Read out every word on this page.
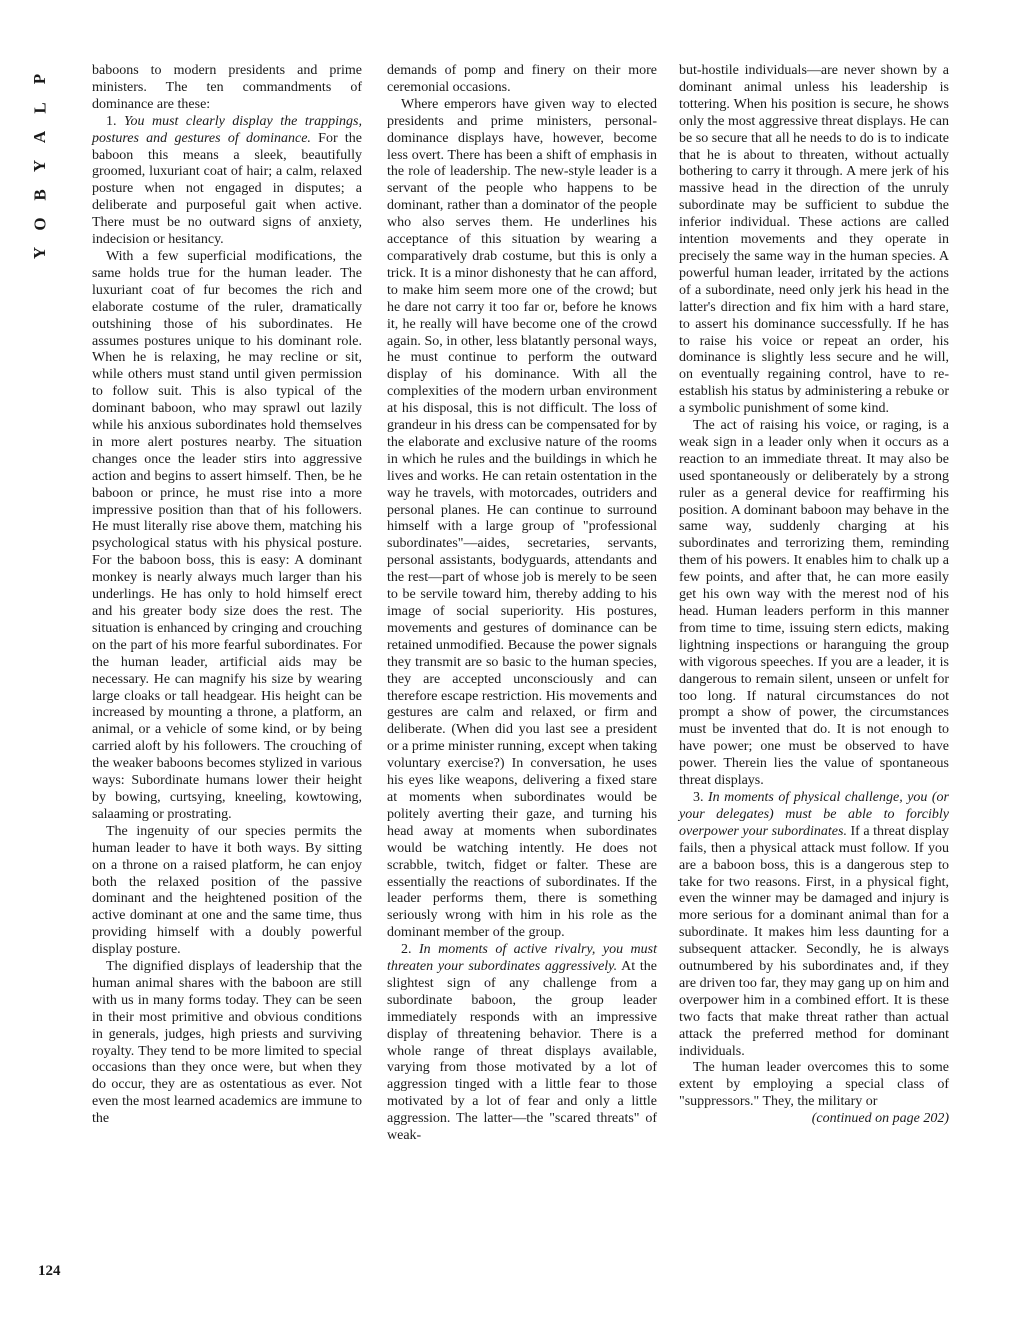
P
L
A
Y
B
O
Y
124

baboons to modern presidents and prime ministers. The ten commandments of dominance are these:

1. You must clearly display the trappings, postures and gestures of dominance. For the baboon this means a sleek, beautifully groomed, luxuriant coat of hair; a calm, relaxed posture when not engaged in disputes; a deliberate and purposeful gait when active. There must be no outward signs of anxiety, indecision or hesitancy.

With a few superficial modifications, the same holds true for the human leader. The luxuriant coat of fur becomes the rich and elaborate costume of the ruler, dramatically outshining those of his subordinates. He assumes postures unique to his dominant role. When he is relaxing, he may recline or sit, while others must stand until given permission to follow suit. This is also typical of the dominant baboon, who may sprawl out lazily while his anxious subordinates hold themselves in more alert postures nearby. The situation changes once the leader stirs into aggressive action and begins to assert himself. Then, be he baboon or prince, he must rise into a more impressive position than that of his followers. He must literally rise above them, matching his psychological status with his physical posture. For the baboon boss, this is easy: A dominant monkey is nearly always much larger than his underlings. He has only to hold himself erect and his greater body size does the rest. The situation is enhanced by cringing and crouching on the part of his more fearful subordinates. For the human leader, artificial aids may be necessary. He can magnify his size by wearing large cloaks or tall headgear. His height can be increased by mounting a throne, a platform, an animal, or a vehicle of some kind, or by being carried aloft by his followers. The crouching of the weaker baboons becomes stylized in various ways: Subordinate humans lower their height by bowing, curtsying, kneeling, kowtowing, salaaming or prostrating.

The ingenuity of our species permits the human leader to have it both ways. By sitting on a throne on a raised platform, he can enjoy both the relaxed position of the passive dominant and the heightened position of the active dominant at one and the same time, thus providing himself with a doubly powerful display posture.

The dignified displays of leadership that the human animal shares with the baboon are still with us in many forms today. They can be seen in their most primitive and obvious conditions in generals, judges, high priests and surviving royalty. They tend to be more limited to special occasions than they once were, but when they do occur, they are as ostentatious as ever. Not even the most learned academics are immune to the

demands of pomp and finery on their more ceremonial occasions.

Where emperors have given way to elected presidents and prime ministers, personal-dominance displays have, however, become less overt. There has been a shift of emphasis in the role of leadership. The new-style leader is a servant of the people who happens to be dominant, rather than a dominator of the people who also serves them. He underlines his acceptance of this situation by wearing a comparatively drab costume, but this is only a trick. It is a minor dishonesty that he can afford, to make him seem more one of the crowd; but he dare not carry it too far or, before he knows it, he really will have become one of the crowd again. So, in other, less blatantly personal ways, he must continue to perform the outward display of his dominance. With all the complexities of the modern urban environment at his disposal, this is not difficult. The loss of grandeur in his dress can be compensated for by the elaborate and exclusive nature of the rooms in which he rules and the buildings in which he lives and works. He can retain ostentation in the way he travels, with motorcades, outriders and personal planes. He can continue to surround himself with a large group of "professional subordinates"—aides, secretaries, servants, personal assistants, bodyguards, attendants and the rest—part of whose job is merely to be seen to be servile toward him, thereby adding to his image of social superiority. His postures, movements and gestures of dominance can be retained unmodified. Because the power signals they transmit are so basic to the human species, they are accepted unconsciously and can therefore escape restriction. His movements and gestures are calm and relaxed, or firm and deliberate. (When did you last see a president or a prime minister running, except when taking voluntary exercise?) In conversation, he uses his eyes like weapons, delivering a fixed stare at moments when subordinates would be politely averting their gaze, and turning his head away at moments when subordinates would be watching intently. He does not scrabble, twitch, fidget or falter. These are essentially the reactions of subordinates. If the leader performs them, there is something seriously wrong with him in his role as the dominant member of the group.

2. In moments of active rivalry, you must threaten your subordinates aggressively. At the slightest sign of any challenge from a subordinate baboon, the group leader immediately responds with an impressive display of threatening behavior. There is a whole range of threat displays available, varying from those motivated by a lot of aggression tinged with a little fear to those motivated by a lot of fear and only a little aggression. The latter—the "scared threats" of weak-

but-hostile individuals—are never shown by a dominant animal unless his leadership is tottering. When his position is secure, he shows only the most aggressive threat displays. He can be so secure that all he needs to do is to indicate that he is about to threaten, without actually bothering to carry it through. A mere jerk of his massive head in the direction of the unruly subordinate may be sufficient to subdue the inferior individual. These actions are called intention movements and they operate in precisely the same way in the human species. A powerful human leader, irritated by the actions of a subordinate, need only jerk his head in the latter's direction and fix him with a hard stare, to assert his dominance successfully. If he has to raise his voice or repeat an order, his dominance is slightly less secure and he will, on eventually regaining control, have to re-establish his status by administering a rebuke or a symbolic punishment of some kind.

The act of raising his voice, or raging, is a weak sign in a leader only when it occurs as a reaction to an immediate threat. It may also be used spontaneously or deliberately by a strong ruler as a general device for reaffirming his position. A dominant baboon may behave in the same way, suddenly charging at his subordinates and terrorizing them, reminding them of his powers. It enables him to chalk up a few points, and after that, he can more easily get his own way with the merest nod of his head. Human leaders perform in this manner from time to time, issuing stern edicts, making lightning inspections or haranguing the group with vigorous speeches. If you are a leader, it is dangerous to remain silent, unseen or unfelt for too long. If natural circumstances do not prompt a show of power, the circumstances must be invented that do. It is not enough to have power; one must be observed to have power. Therein lies the value of spontaneous threat displays.

3. In moments of physical challenge, you (or your delegates) must be able to forcibly overpower your subordinates. If a threat display fails, then a physical attack must follow. If you are a baboon boss, this is a dangerous step to take for two reasons. First, in a physical fight, even the winner may be damaged and injury is more serious for a dominant animal than for a subordinate. It makes him less daunting for a subsequent attacker. Secondly, he is always outnumbered by his subordinates and, if they are driven too far, they may gang up on him and overpower him in a combined effort. It is these two facts that make threat rather than actual attack the preferred method for dominant individuals.

The human leader overcomes this to some extent by employing a special class of "suppressors." They, the military or

(continued on page 202)
